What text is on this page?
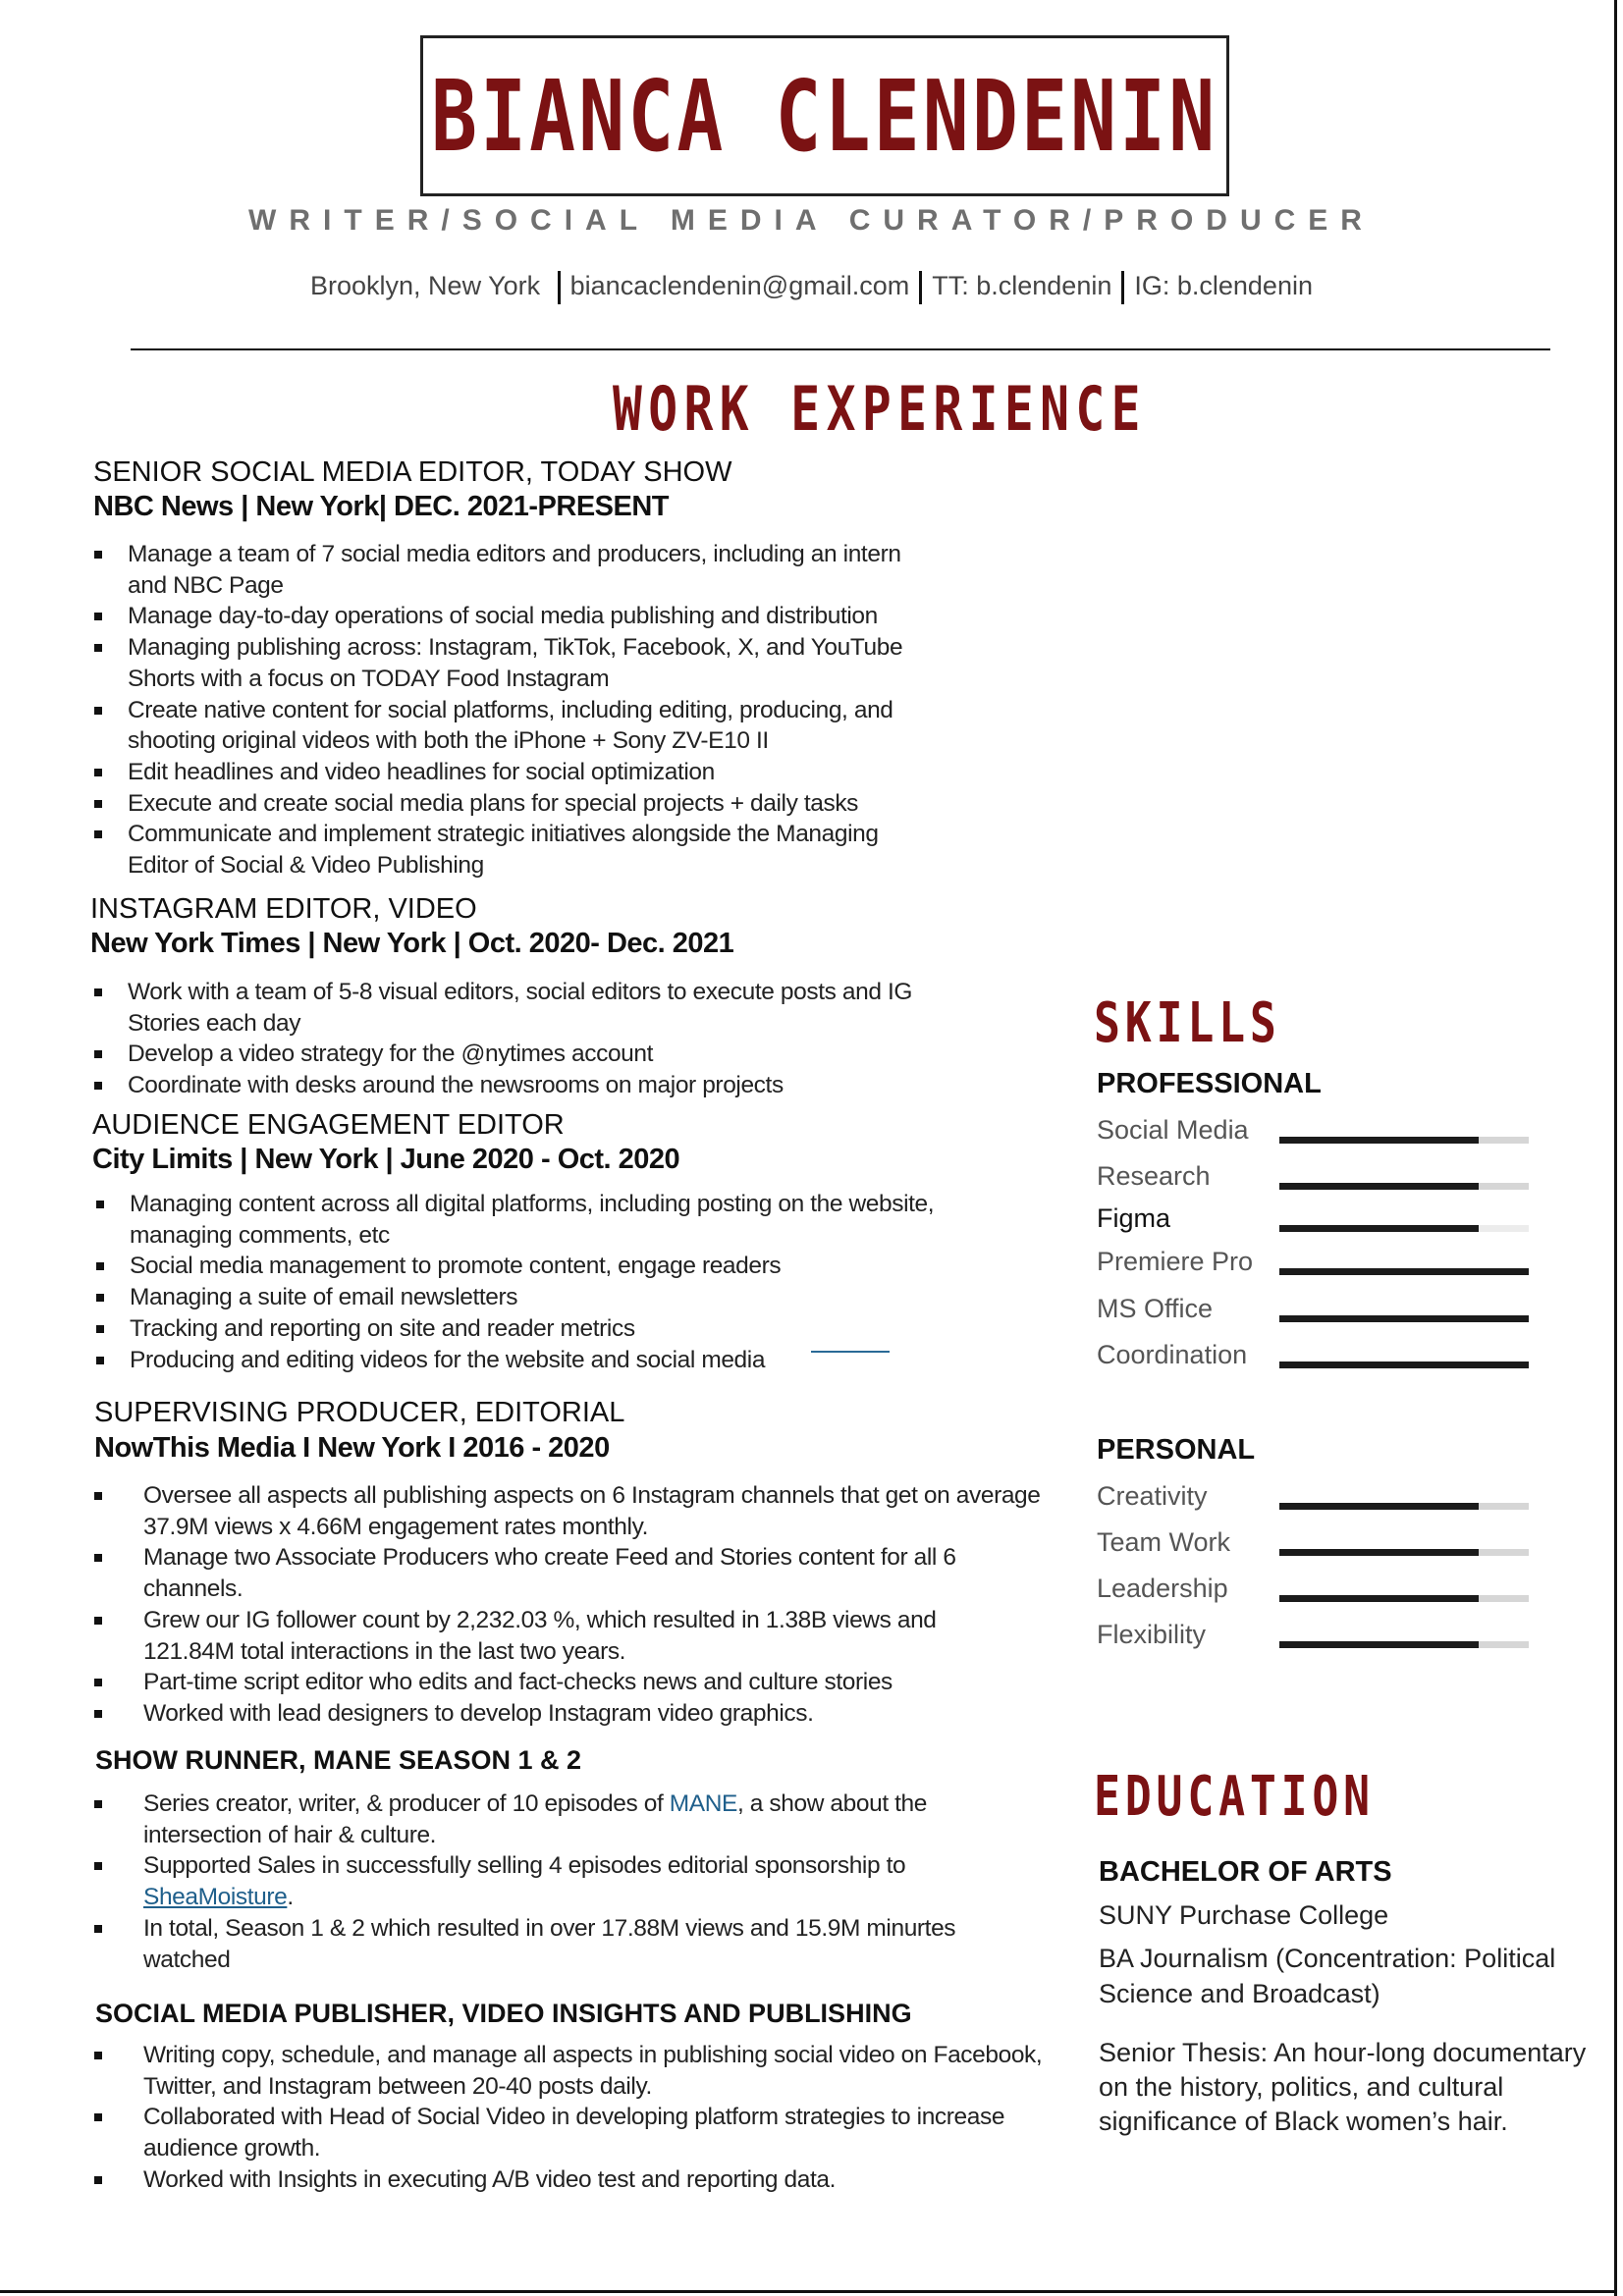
BIANCA CLENDENIN
WRITER/SOCIAL MEDIA CURATOR/PRODUCER
Brooklyn, New York biancaclendenin@gmail.com TT: b.clendenin IG: b.clendenin
WORK EXPERIENCE
SENIOR SOCIAL MEDIA EDITOR, TODAY SHOW
NBC News | New York| DEC. 2021-PRESENT
Manage a team of 7 social media editors and producers, including an intern
and NBC Page
Manage day-to-day operations of social media publishing and distribution
Managing publishing across: Instagram, TikTok, Facebook, X, and YouTube
Shorts with a focus on TODAY Food Instagram
Create native content for social platforms, including editing, producing, and
shooting original videos with both the iPhone + Sony ZV-E10 II
Edit headlines and video headlines for social optimization
Execute and create social media plans for special projects + daily tasks
Communicate and implement strategic initiatives alongside the Managing
Editor of Social & Video Publishing
INSTAGRAM EDITOR, VIDEO
New York Times | New York | Oct. 2020- Dec. 2021
Work with a team of 5-8 visual editors, social editors to execute posts and IG
Stories each day
Develop a video strategy for the @nytimes account
Coordinate with desks around the newsrooms on major projects
AUDIENCE ENGAGEMENT EDITOR
City Limits | New York | June 2020 - Oct. 2020
Managing content across all digital platforms, including posting on the website,
managing comments, etc
Social media management to promote content, engage readers
Managing a suite of email newsletters
Tracking and reporting on site and reader metrics
Producing and editing videos for the website and social media
SUPERVISING PRODUCER, EDITORIAL
NowThis Media I New York I 2016 - 2020
Oversee all aspects all publishing aspects on 6 Instagram channels that get on average
37.9M views x 4.66M engagement rates monthly.
Manage two Associate Producers who create Feed and Stories content for all 6
channels.
Grew our IG follower count by 2,232.03 %, which resulted in 1.38B views and
121.84M total interactions in the last two years.
Part-time script editor who edits and fact-checks news and culture stories
Worked with lead designers to develop Instagram video graphics.
SHOW RUNNER, MANE SEASON 1 & 2
Series creator, writer, & producer of 10 episodes of MANE, a show about the
intersection of hair & culture.
Supported Sales in successfully selling 4 episodes editorial sponsorship to
SheaMoisture.
In total, Season 1 & 2 which resulted in over 17.88M views and 15.9M minurtes
watched
SOCIAL MEDIA PUBLISHER, VIDEO INSIGHTS AND PUBLISHING
Writing copy, schedule, and manage all aspects in publishing social video on Facebook,
Twitter, and Instagram between 20-40 posts daily.
Collaborated with Head of Social Video in developing platform strategies to increase
audience growth.
Worked with Insights in executing A/B video test and reporting data.
SKILLS
PROFESSIONAL
Social Media
Research
Figma
Premiere Pro
MS Office
Coordination
PERSONAL
Creativity
Team Work
Leadership
Flexibility
EDUCATION
BACHELOR OF ARTS
SUNY Purchase College
BA Journalism (Concentration: Political
Science and Broadcast)
Senior Thesis: An hour-long documentary
on the history, politics, and cultural
significance of Black women’s hair.
